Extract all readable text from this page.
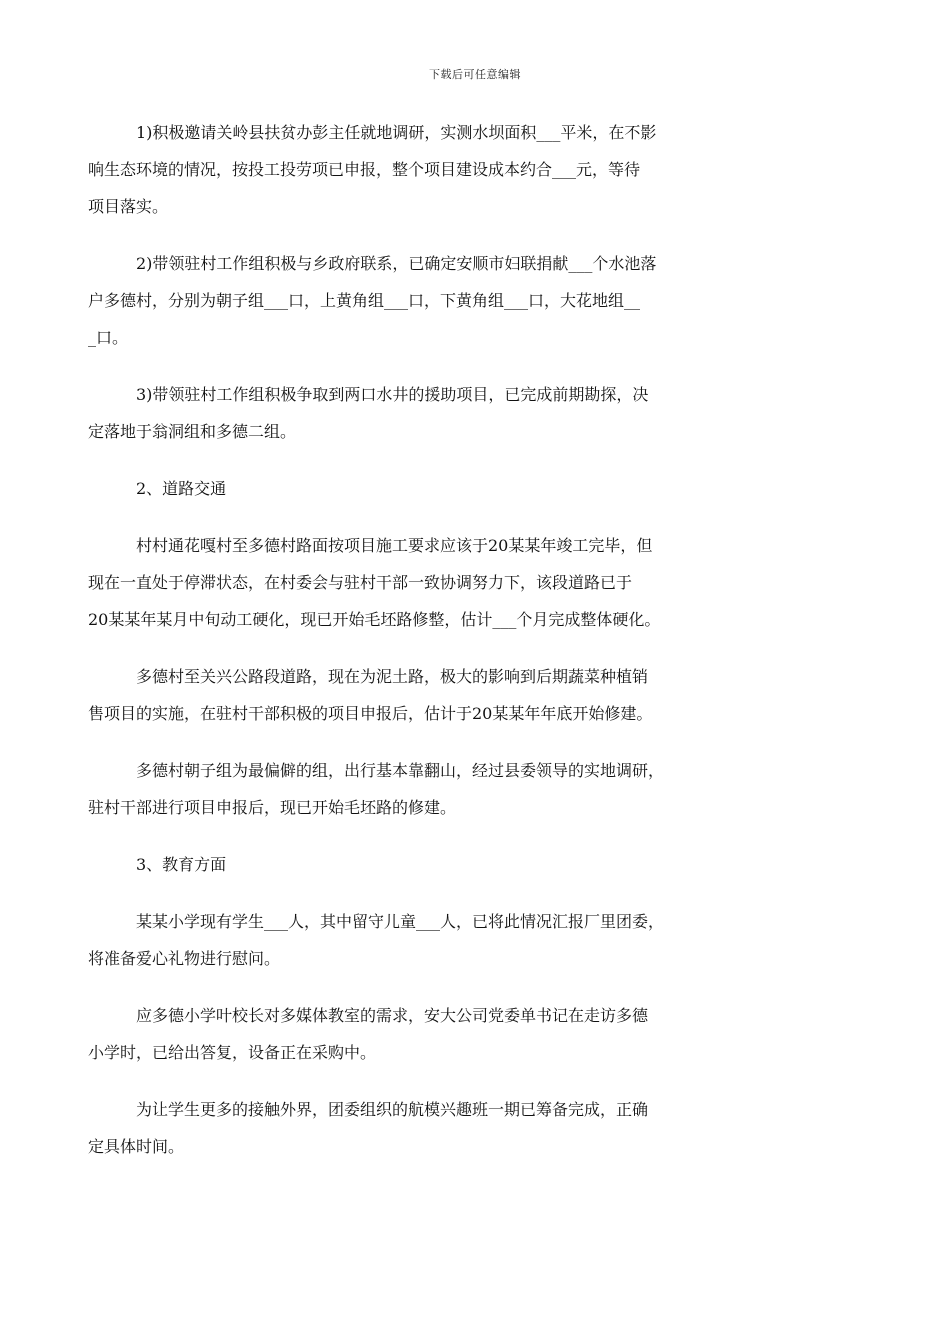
下载后可任意编辑
1)积极邀请关岭县扶贫办彭主任就地调研，实测水坝面积___平米，在不影
响生态环境的情况，按投工投劳项已申报，整个项目建设成本约合___元，等待
项目落实。
2)带领驻村工作组积极与乡政府联系，已确定安顺市妇联捐献___个水池落
户多德村，分别为朝子组___口，上黄角组___口，下黄角组___口，大花地组__
_口。
3)带领驻村工作组积极争取到两口水井的援助项目，已完成前期勘探，决
定落地于翁洞组和多德二组。
2、道路交通
村村通花嘎村至多德村路面按项目施工要求应该于20某某年竣工完毕，但
现在一直处于停滞状态，在村委会与驻村干部一致协调努力下，该段道路已于
20某某年某月中旬动工硬化，现已开始毛坯路修整，估计___个月完成整体硬化。
多德村至关兴公路段道路，现在为泥土路，极大的影响到后期蔬菜种植销
售项目的实施，在驻村干部积极的项目申报后，估计于20某某年年底开始修建。
多德村朝子组为最偏僻的组，出行基本靠翻山，经过县委领导的实地调研，
驻村干部进行项目申报后，现已开始毛坯路的修建。
3、教育方面
某某小学现有学生___人，其中留守儿童___人，已将此情况汇报厂里团委，
将准备爱心礼物进行慰问。
应多德小学叶校长对多媒体教室的需求，安大公司党委单书记在走访多德
小学时，已给出答复，设备正在采购中。
为让学生更多的接触外界，团委组织的航模兴趣班一期已筹备完成，正确
定具体时间。
